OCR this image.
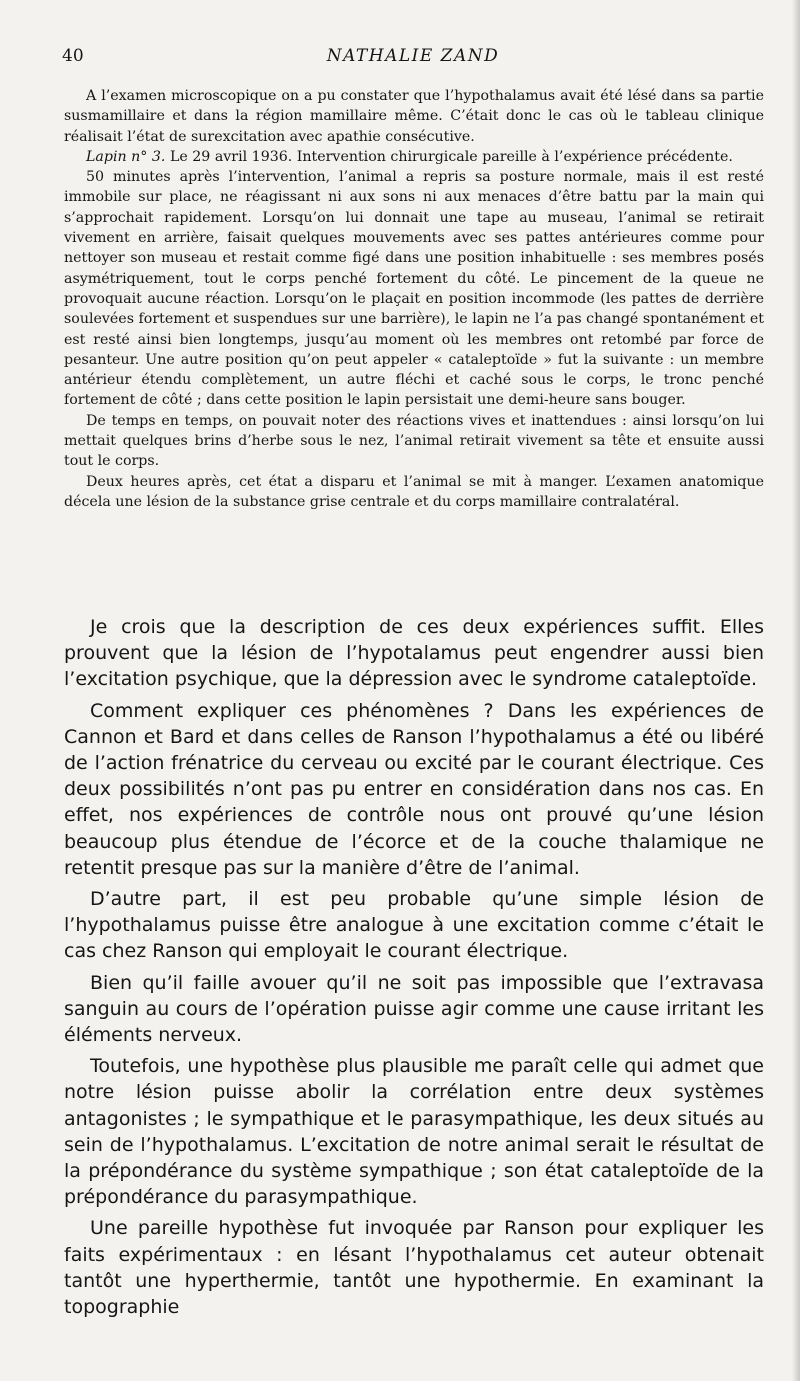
40	NATHALIE ZAND

A l’examen microscopique on a pu constater que l’hypothalamus avait été lésé dans sa partie susmamillaire et dans la région mamillaire même. C’était donc le cas où le tableau clinique réalisait l’état de surexcitation avec apathie consécutive.

Lapin n° 3. Le 29 avril 1936. Intervention chirurgicale pareille à l’expérience précédente.

50 minutes après l’intervention, l’animal a repris sa posture normale, mais il est resté immobile sur place, ne réagissant ni aux sons ni aux menaces d’être battu par la main qui s’approchait rapidement. Lorsqu’on lui donnait une tape au museau, l’animal se retirait vivement en arrière, faisait quelques mouvements avec ses pattes antérieures comme pour nettoyer son museau et restait comme figé dans une position inhabituelle : ses membres posés asymétriquement, tout le corps penché fortement du côté. Le pincement de la queue ne provoquait aucune réaction. Lorsqu’on le plaçait en position incommode (les pattes de derrière soulevées fortement et suspendues sur une barrière), le lapin ne l’a pas changé spontanément et est resté ainsi bien longtemps, jusqu’au moment où les membres ont retombé par force de pesanteur. Une autre position qu’on peut appeler « cataleptoïde » fut la suivante : un membre antérieur étendu complètement, un autre fléchi et caché sous le corps, le tronc penché fortement de côté ; dans cette position le lapin persistait une demi-heure sans bouger.

De temps en temps, on pouvait noter des réactions vives et inattendues : ainsi lorsqu’on lui mettait quelques brins d’herbe sous le nez, l’animal retirait vivement sa tête et ensuite aussi tout le corps.

Deux heures après, cet état a disparu et l’animal se mit à manger. L’examen anatomique décela une lésion de la substance grise centrale et du corps mamillaire contralatéral.

Je crois que la description de ces deux expériences suffit. Elles prouvent que la lésion de l’hypotalamus peut engendrer aussi bien l’excitation psychique, que la dépression avec le syndrome cataleptoïde.

Comment expliquer ces phénomènes ? Dans les expériences de Cannon et Bard et dans celles de Ranson l’hypothalamus a été ou libéré de l’action frénatrice du cerveau ou excité par le courant électrique. Ces deux possibilités n’ont pas pu entrer en considération dans nos cas. En effet, nos expériences de contrôle nous ont prouvé qu’une lésion beaucoup plus étendue de l’écorce et de la couche thalamique ne retentit presque pas sur la manière d’être de l’animal.

D’autre part, il est peu probable qu’une simple lésion de l’hypothalamus puisse être analogue à une excitation comme c’était le cas chez Ranson qui employait le courant électrique.

Bien qu’il faille avouer qu’il ne soit pas impossible que l’extravasa sanguin au cours de l’opération puisse agir comme une cause irritant les éléments nerveux.

Toutefois, une hypothèse plus plausible me paraît celle qui admet que notre lésion puisse abolir la corrélation entre deux systèmes antagonistes ; le sympathique et le parasympathique, les deux situés au sein de l’hypothalamus. L’excitation de notre animal serait le résultat de la prépondérance du système sympathique ; son état cataleptoïde de la prépondérance du parasympathique.

Une pareille hypothèse fut invoquée par Ranson pour expliquer les faits expérimentaux : en lésant l’hypothalamus cet auteur obtenait tantôt une hyperthermie, tantôt une hypothermie. En examinant la topographie
